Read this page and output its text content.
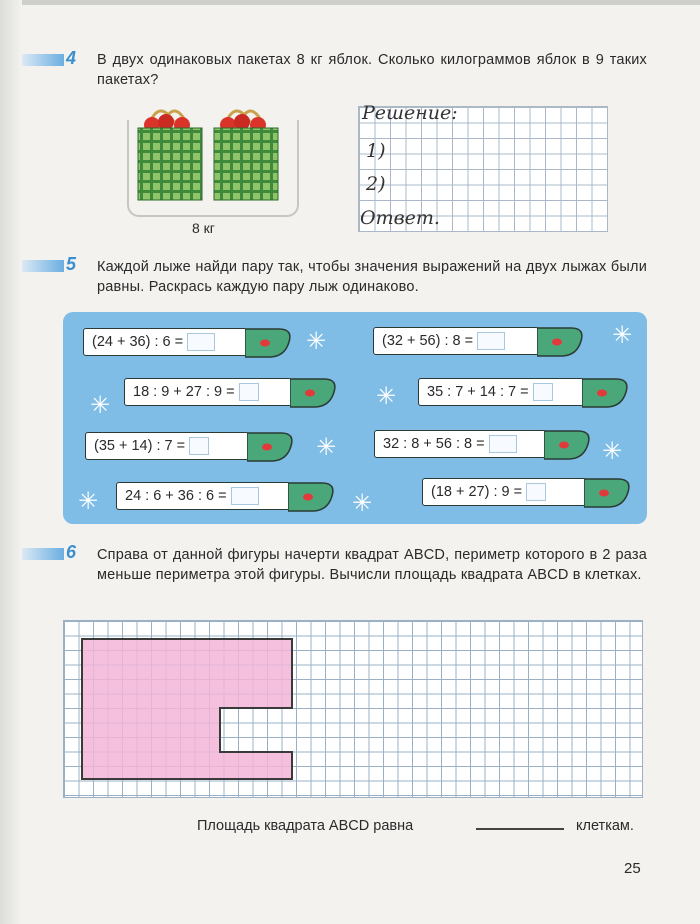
4 В двух одинаковых пакетах 8 кг яблок. Сколько килограммов яблок в 9 таких пакетах?
8 кг
Решение:
1)
2)
Ответ.
5 Каждой лыже найди пару так, чтобы значения выражений на двух лыжах были равны. Раскрась каждую пару лыж одинаково.
✳	✳
✳	✳
✳	✳
✳	✳
(24 + 36) : 6 =
18 : 9 + 27 : 9 =
(35 + 14) : 7 =
24 : 6 + 36 : 6 =
(32 + 56) : 8 =
35 : 7 + 14 : 7 =
32 : 8 + 56 : 8 =
(18 + 27) : 9 =
6 Справа от данной фигуры начерти квадрат ABCD, периметр которого в 2 раза меньше периметра этой фигуры. Вычисли площадь квадрата ABCD в клетках.
Площадь квадрата ABCD равна	клеткам.
25
